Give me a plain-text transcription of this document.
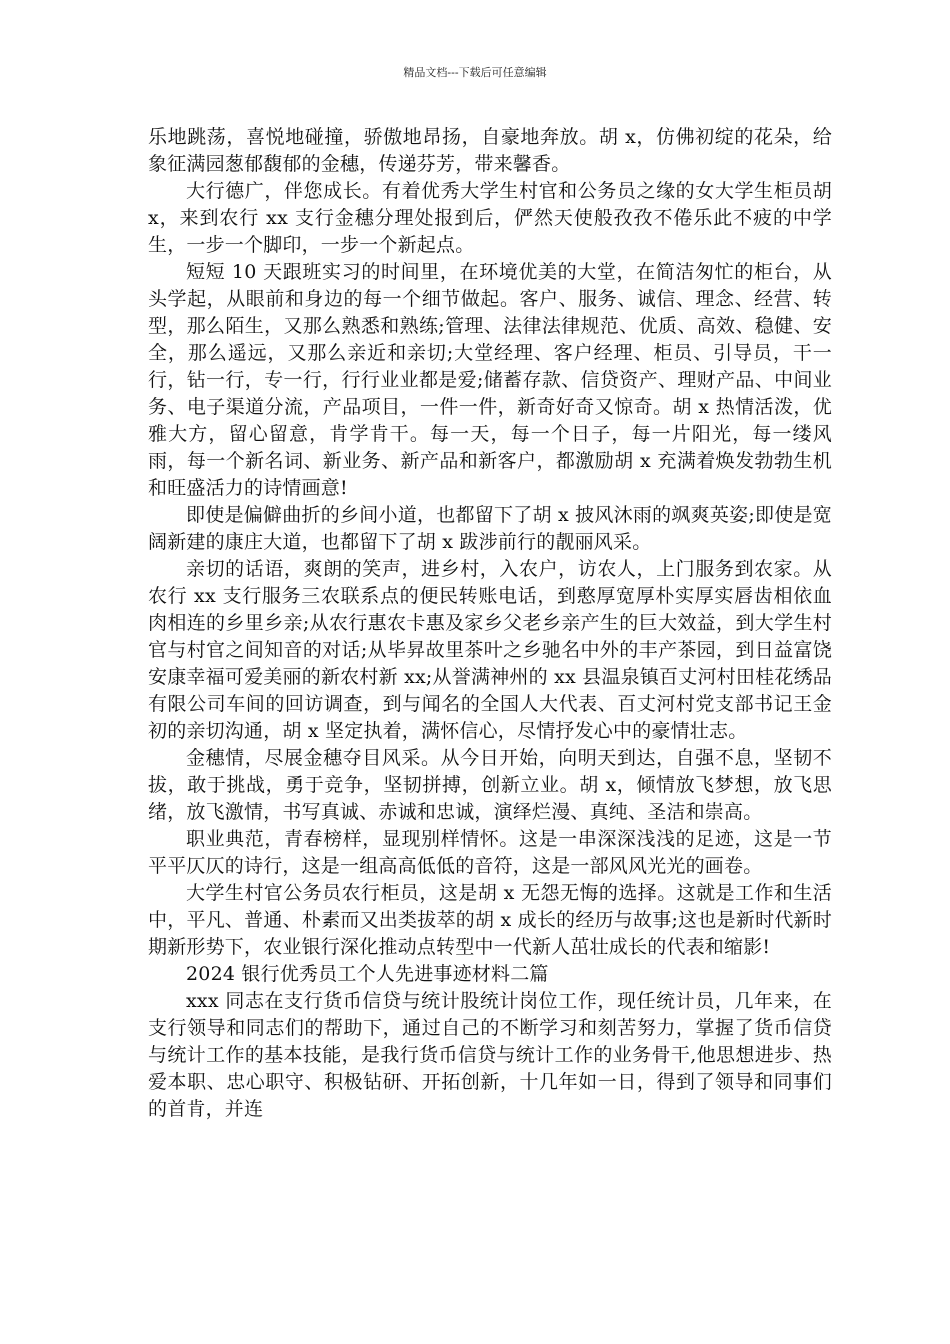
精品文档---下载后可任意编辑

乐地跳荡，喜悦地碰撞，骄傲地昂扬，自豪地奔放。胡 x，仿佛初绽的花朵，给象征满园葱郁馥郁的金穗，传递芬芳，带来馨香。

大行德广，伴您成长。有着优秀大学生村官和公务员之缘的女大学生柜员胡 x，来到农行 xx 支行金穗分理处报到后，俨然天使般孜孜不倦乐此不疲的中学生，一步一个脚印，一步一个新起点。

短短 10 天跟班实习的时间里，在环境优美的大堂，在简洁匆忙的柜台，从头学起，从眼前和身边的每一个细节做起。客户、服务、诚信、理念、经营、转型，那么陌生，又那么熟悉和熟练;管理、法律法律规范、优质、高效、稳健、安全，那么遥远，又那么亲近和亲切;大堂经理、客户经理、柜员、引导员，干一行，钻一行，专一行，行行业业都是爱;储蓄存款、信贷资产、理财产品、中间业务、电子渠道分流，产品项目，一件一件，新奇好奇又惊奇。胡 x 热情活泼，优雅大方，留心留意，肯学肯干。每一天，每一个日子，每一片阳光，每一缕风雨，每一个新名词、新业务、新产品和新客户，都激励胡 x 充满着焕发勃勃生机和旺盛活力的诗情画意!

即使是偏僻曲折的乡间小道，也都留下了胡 x 披风沐雨的飒爽英姿;即使是宽阔新建的康庄大道，也都留下了胡 x 跋涉前行的靓丽风采。

亲切的话语，爽朗的笑声，进乡村，入农户，访农人，上门服务到农家。从农行 xx 支行服务三农联系点的便民转账电话，到憨厚宽厚朴实厚实唇齿相依血肉相连的乡里乡亲;从农行惠农卡惠及家乡父老乡亲产生的巨大效益，到大学生村官与村官之间知音的对话;从毕昇故里茶叶之乡驰名中外的丰产茶园，到日益富饶安康幸福可爱美丽的新农村新 xx;从誉满神州的 xx 县温泉镇百丈河村田桂花绣品有限公司车间的回访调查，到与闻名的全国人大代表、百丈河村党支部书记王金初的亲切沟通，胡 x 坚定执着，满怀信心，尽情抒发心中的豪情壮志。

金穗情，尽展金穗夺目风采。从今日开始，向明天到达，自强不息，坚韧不拔，敢于挑战，勇于竞争，坚韧拼搏，创新立业。胡 x，倾情放飞梦想，放飞思绪，放飞激情，书写真诚、赤诚和忠诚，演绎烂漫、真纯、圣洁和崇高。

职业典范，青春榜样，显现别样情怀。这是一串深深浅浅的足迹，这是一节平平仄仄的诗行，这是一组高高低低的音符，这是一部风风光光的画卷。

大学生村官公务员农行柜员，这是胡 x 无怨无悔的选择。这就是工作和生活中，平凡、普通、朴素而又出类拔萃的胡 x 成长的经历与故事;这也是新时代新时期新形势下，农业银行深化推动点转型中一代新人茁壮成长的代表和缩影!

2024 银行优秀员工个人先进事迹材料二篇

xxx 同志在支行货币信贷与统计股统计岗位工作，现任统计员，几年来，在支行领导和同志们的帮助下，通过自己的不断学习和刻苦努力，掌握了货币信贷与统计工作的基本技能，是我行货币信贷与统计工作的业务骨干,他思想进步、热爱本职、忠心职守、积极钻研、开拓创新，十几年如一日，得到了领导和同事们的首肯，并连
